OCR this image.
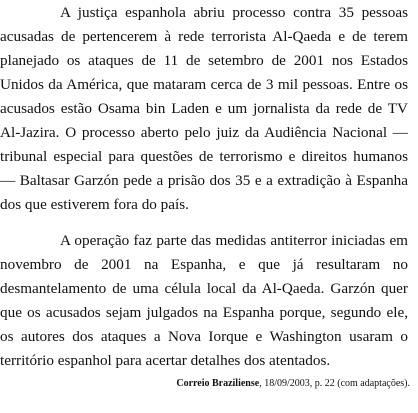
A justiça espanhola abriu processo contra 35 pessoas
acusadas de pertencerem à rede terrorista Al-Qaeda e de terem
planejado os ataques de 11 de setembro de 2001 nos Estados
Unidos da América, que mataram cerca de 3 mil pessoas. Entre os
acusados estão Osama bin Laden e um jornalista da rede de TV
Al-Jazira. O processo aberto pelo juiz da Audiência Nacional —
tribunal especial para questões de terrorismo e direitos humanos
— Baltasar Garzón pede a prisão dos 35 e a extradição à Espanha
dos que estiverem fora do país.
A operação faz parte das medidas antiterror iniciadas em
novembro de 2001 na Espanha, e que já resultaram no
desmantelamento de uma célula local da Al-Qaeda. Garzón quer
que os acusados sejam julgados na Espanha porque, segundo ele,
os autores dos ataques a Nova Iorque e Washington usaram o
território espanhol para acertar detalhes dos atentados.
Correio Braziliense, 18/09/2003, p. 22 (com adaptações).
